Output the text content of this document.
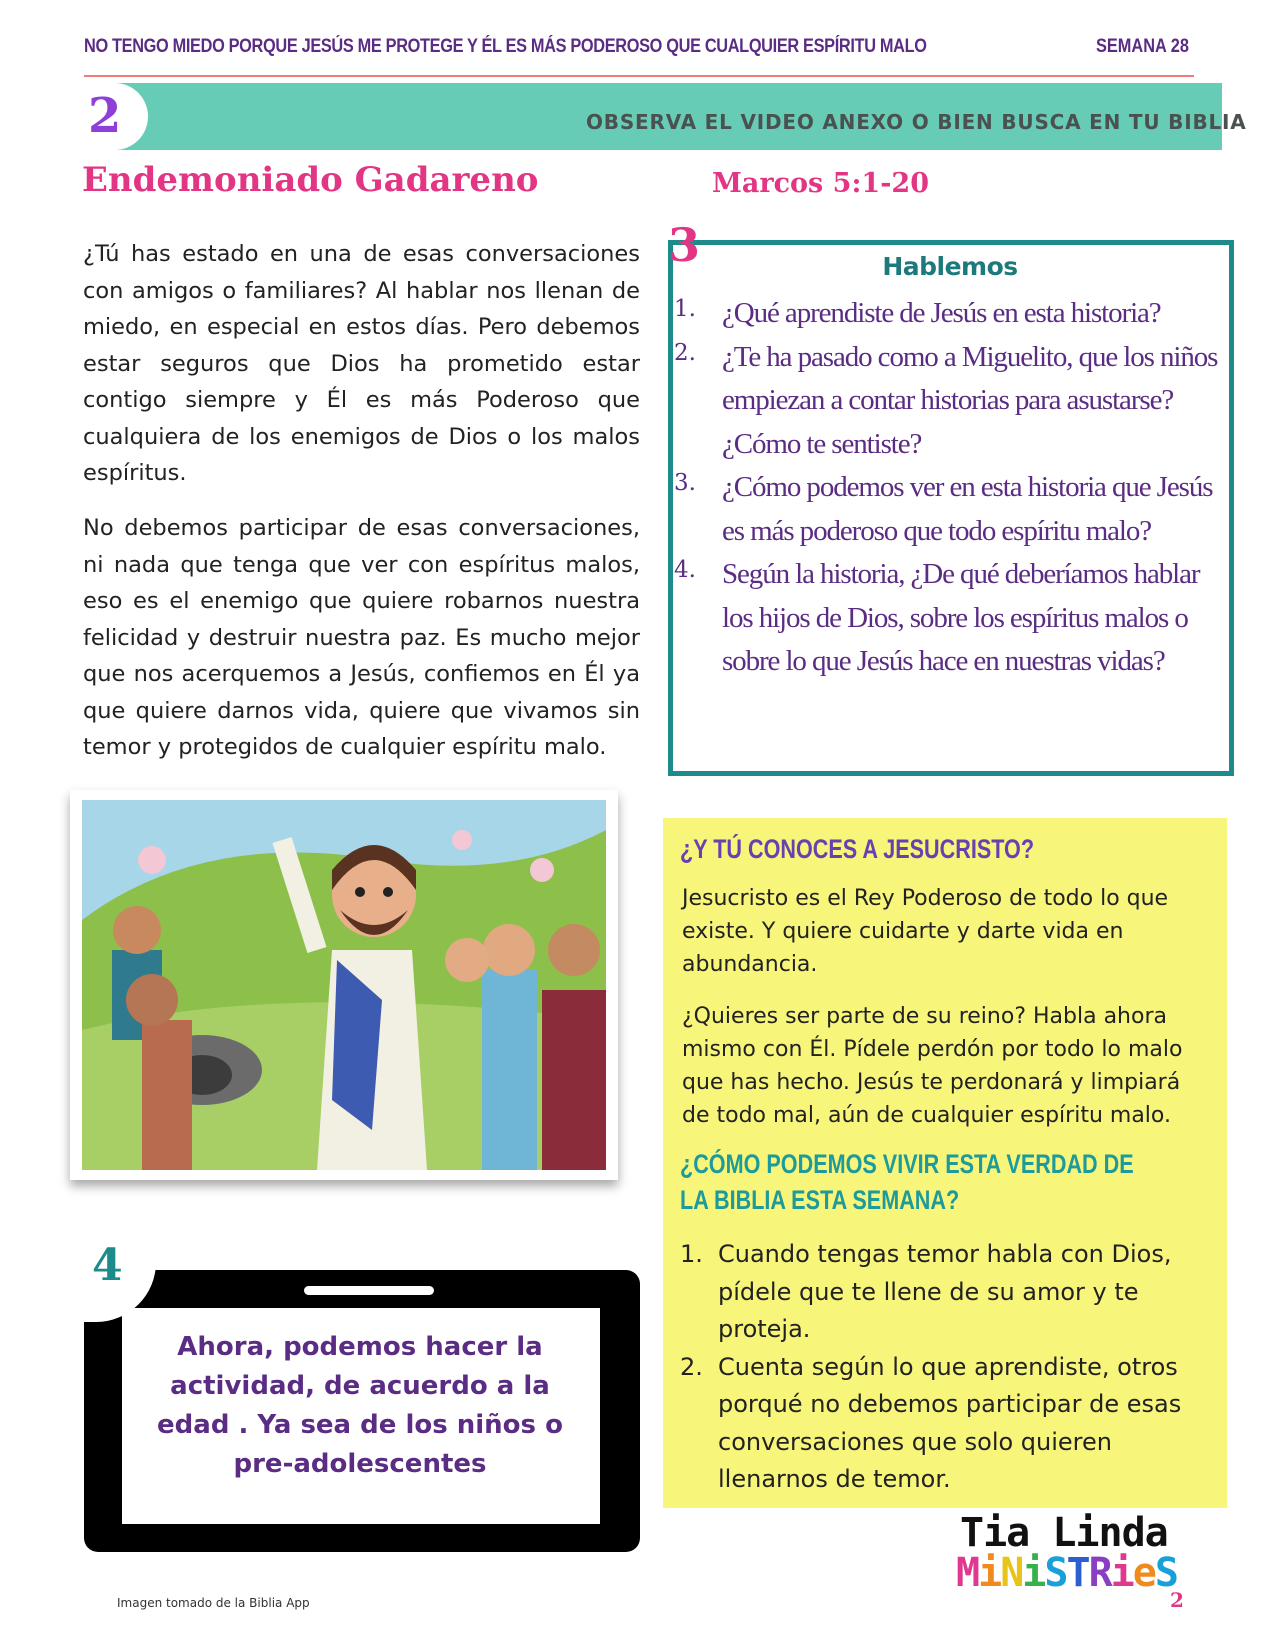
NO TENGO MIEDO PORQUE JESÚS ME PROTEGE Y ÉL ES MÁS PODEROSO QUE CUALQUIER ESPÍRITU MALO	SEMANA 28
2	OBSERVA EL VIDEO ANEXO O BIEN BUSCA EN TU BIBLIA
Endemoniado Gadareno	Marcos 5:1-20
¿Tú has estado en una de esas conversaciones con amigos o familiares? Al hablar nos llenan de miedo, en especial en estos días. Pero debemos estar seguros que Dios ha prometido estar contigo siempre y Él es más Poderoso que cualquiera de los enemigos de Dios o los malos espíritus.
No debemos participar de esas conversaciones, ni nada que tenga que ver con espíritus malos, eso es el enemigo que quiere robarnos nuestra felicidad y destruir nuestra paz. Es mucho mejor que nos acerquemos a Jesús, confiemos en Él ya que quiere darnos vida, quiere que vivamos sin temor y protegidos de cualquier espíritu malo.
3	Hablemos
1. ¿Qué aprendiste de Jesús en esta historia?
2. ¿Te ha pasado como a Miguelito, que los niños empiezan a contar historias para asustarse? ¿Cómo te sentiste?
3. ¿Cómo podemos ver en esta historia que Jesús es más poderoso que todo espíritu malo?
4. Según la historia, ¿De qué deberíamos hablar los hijos de Dios, sobre los espíritus malos o sobre lo que Jesús hace en nuestras vidas?
¿Y TÚ CONOCES A JESUCRISTO?
Jesucristo es el Rey Poderoso de todo lo que existe. Y quiere cuidarte y darte vida en abundancia.
¿Quieres ser parte de su reino? Habla ahora mismo con Él. Pídele perdón por todo lo malo que has hecho. Jesús te perdonará y limpiará de todo mal, aún de cualquier espíritu malo.
¿CÓMO PODEMOS VIVIR ESTA VERDAD DE LA BIBLIA ESTA SEMANA?
1. Cuando tengas temor habla con Dios, pídele que te llene de su amor y te proteja.
2. Cuenta según lo que aprendiste, otros porqué no debemos participar de esas conversaciones que solo quieren llenarnos de temor.
4
Ahora, podemos hacer la actividad, de acuerdo a la edad . Ya sea de los niños o pre-adolescentes
Imagen tomado de la Biblia App
Tia Linda
MiNiSTRieS
2
